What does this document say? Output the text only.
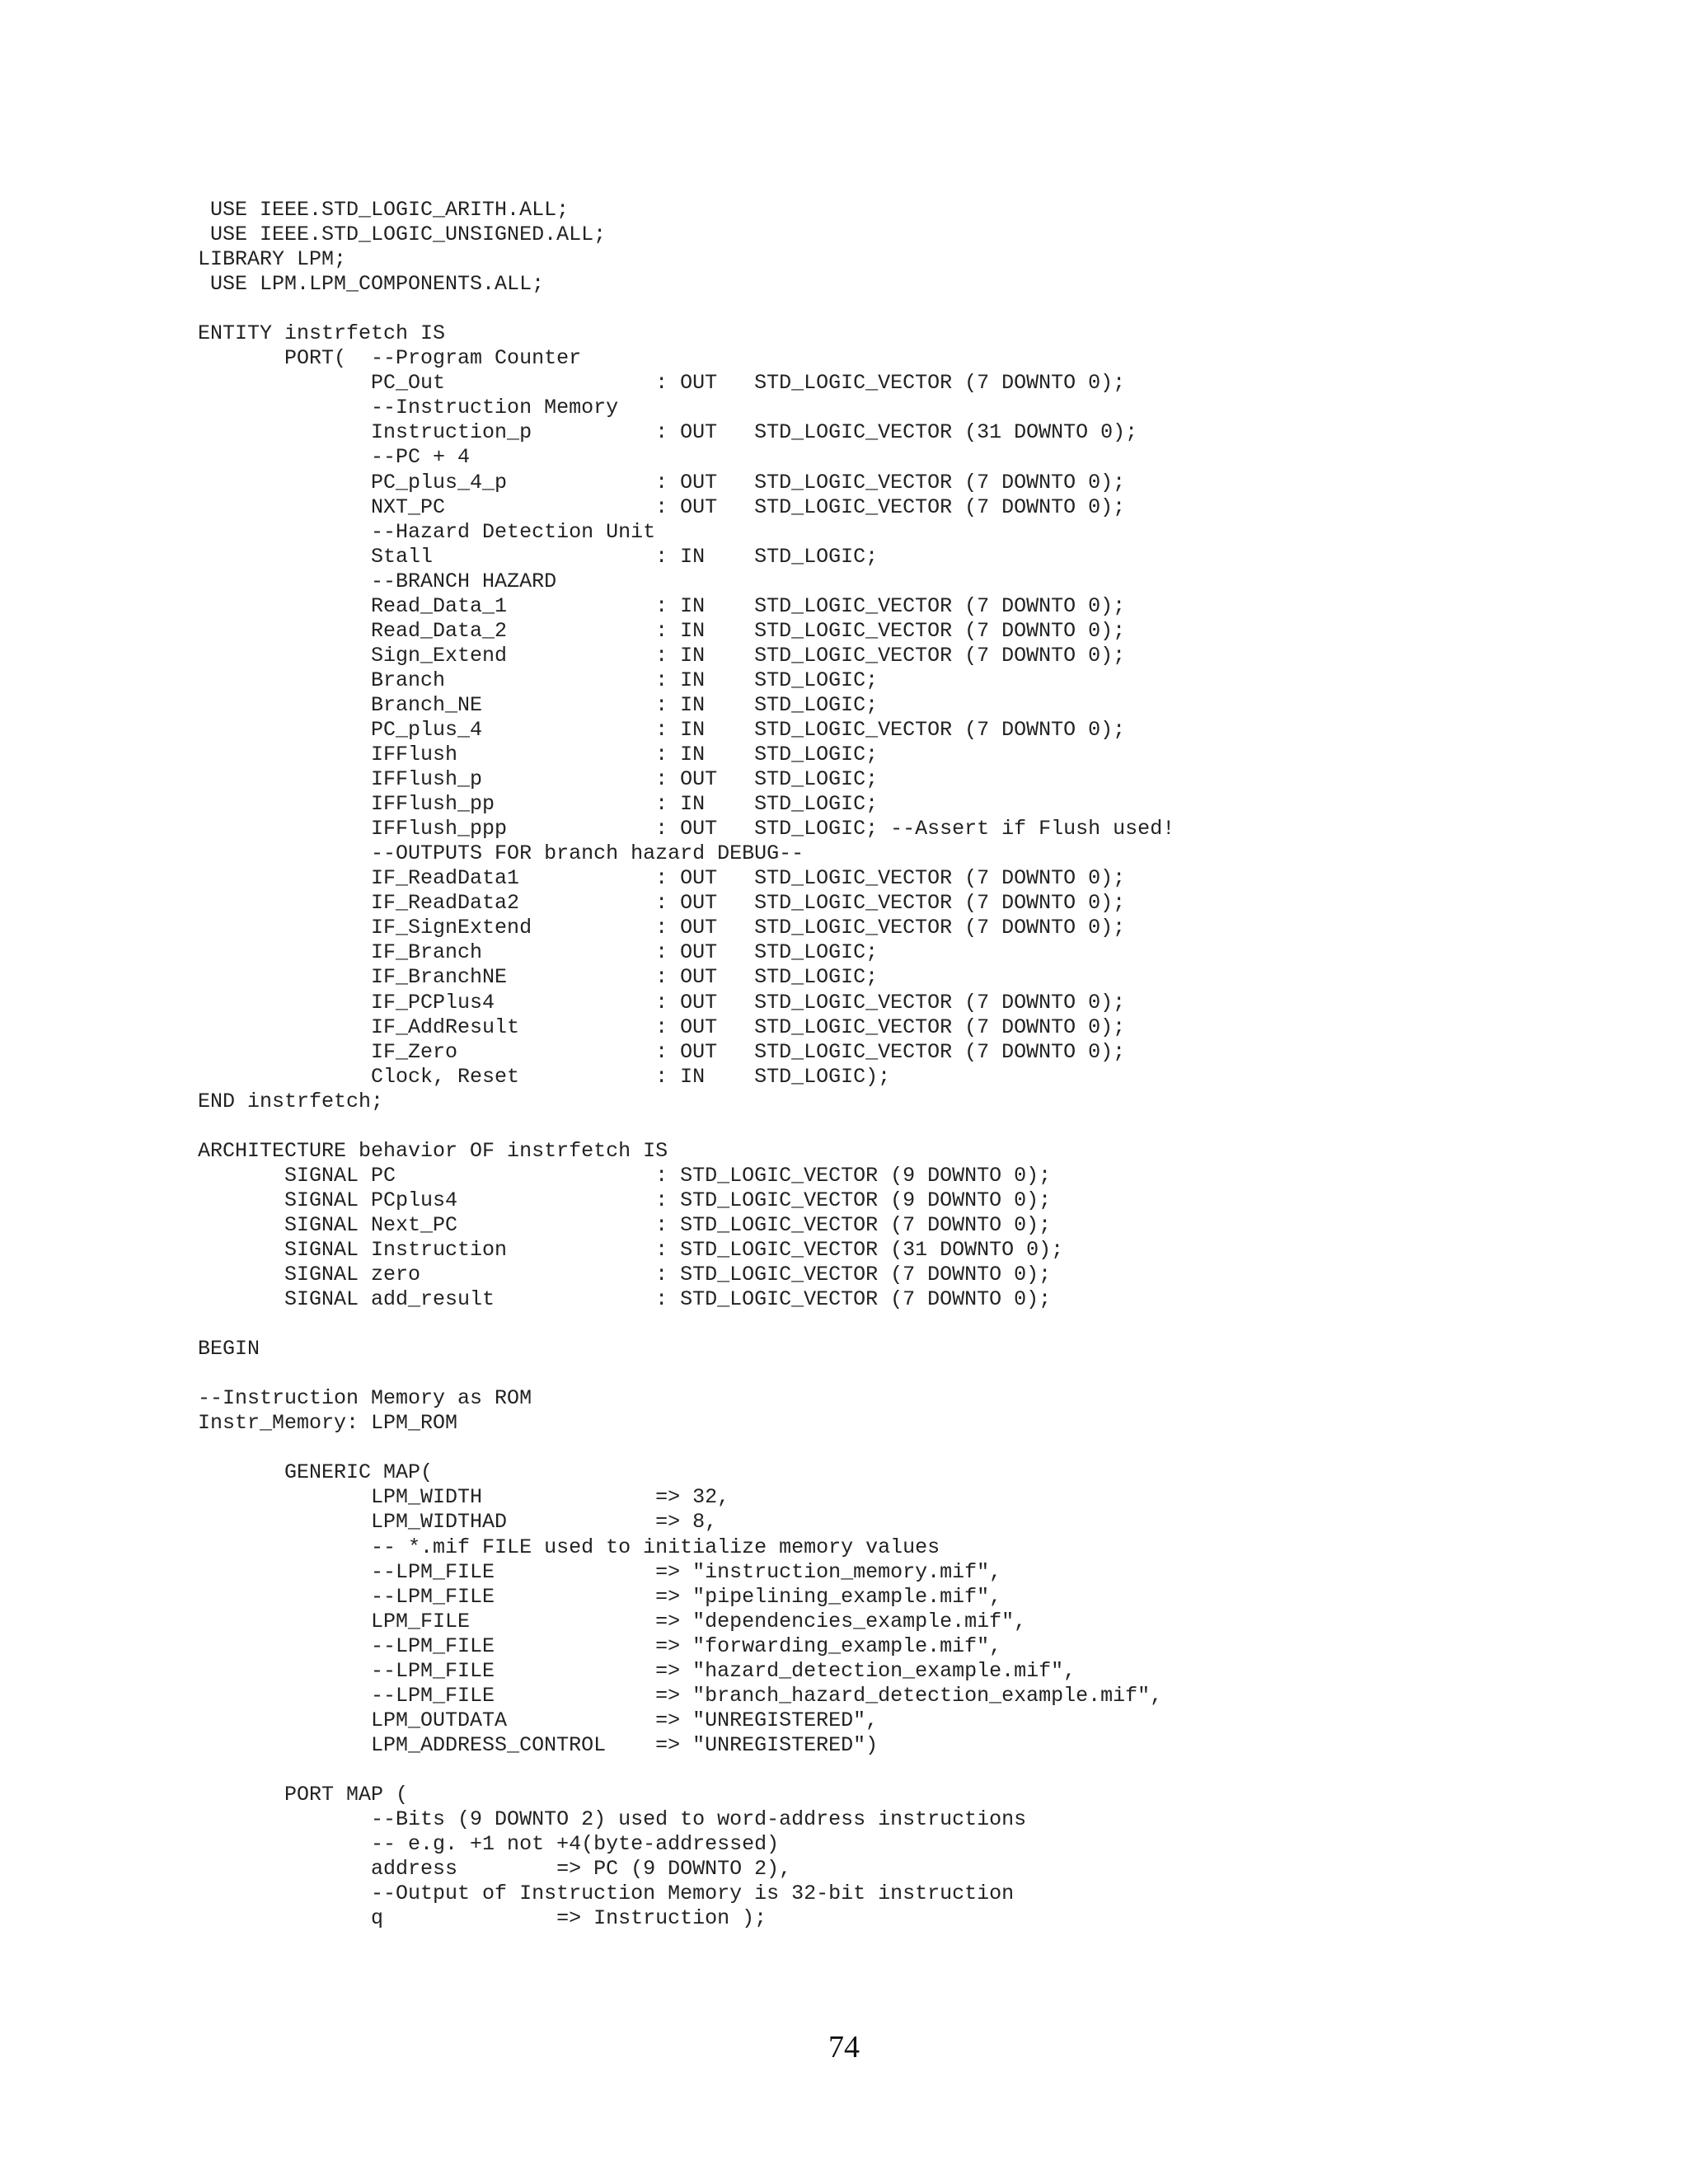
USE IEEE.STD_LOGIC_ARITH.ALL;
USE IEEE.STD_LOGIC_UNSIGNED.ALL;
LIBRARY LPM;
USE LPM.LPM_COMPONENTS.ALL;
ENTITY instrfetch IS
PORT(  --Program Counter
PC_Out                 : OUT   STD_LOGIC_VECTOR (7 DOWNTO 0);
--Instruction Memory
Instruction_p          : OUT   STD_LOGIC_VECTOR (31 DOWNTO 0);
--PC + 4
PC_plus_4_p            : OUT   STD_LOGIC_VECTOR (7 DOWNTO 0);
NXT_PC                 : OUT   STD_LOGIC_VECTOR (7 DOWNTO 0);
--Hazard Detection Unit
Stall                  : IN    STD_LOGIC;
--BRANCH HAZARD
Read_Data_1            : IN    STD_LOGIC_VECTOR (7 DOWNTO 0);
Read_Data_2            : IN    STD_LOGIC_VECTOR (7 DOWNTO 0);
Sign_Extend            : IN    STD_LOGIC_VECTOR (7 DOWNTO 0);
Branch                 : IN    STD_LOGIC;
Branch_NE              : IN    STD_LOGIC;
PC_plus_4              : IN    STD_LOGIC_VECTOR (7 DOWNTO 0);
IFFlush                : IN    STD_LOGIC;
IFFlush_p              : OUT   STD_LOGIC;
IFFlush_pp             : IN    STD_LOGIC;
IFFlush_ppp            : OUT   STD_LOGIC; --Assert if Flush used!
--OUTPUTS FOR branch hazard DEBUG--
IF_ReadData1           : OUT   STD_LOGIC_VECTOR (7 DOWNTO 0);
IF_ReadData2           : OUT   STD_LOGIC_VECTOR (7 DOWNTO 0);
IF_SignExtend          : OUT   STD_LOGIC_VECTOR (7 DOWNTO 0);
IF_Branch              : OUT   STD_LOGIC;
IF_BranchNE            : OUT   STD_LOGIC;
IF_PCPlus4             : OUT   STD_LOGIC_VECTOR (7 DOWNTO 0);
IF_AddResult           : OUT   STD_LOGIC_VECTOR (7 DOWNTO 0);
IF_Zero                : OUT   STD_LOGIC_VECTOR (7 DOWNTO 0);
Clock, Reset           : IN    STD_LOGIC);
END instrfetch;
ARCHITECTURE behavior OF instrfetch IS
SIGNAL PC                     : STD_LOGIC_VECTOR (9 DOWNTO 0);
SIGNAL PCplus4                : STD_LOGIC_VECTOR (9 DOWNTO 0);
SIGNAL Next_PC                : STD_LOGIC_VECTOR (7 DOWNTO 0);
SIGNAL Instruction            : STD_LOGIC_VECTOR (31 DOWNTO 0);
SIGNAL zero                   : STD_LOGIC_VECTOR (7 DOWNTO 0);
SIGNAL add_result             : STD_LOGIC_VECTOR (7 DOWNTO 0);
BEGIN
--Instruction Memory as ROM
Instr_Memory: LPM_ROM
GENERIC MAP(
LPM_WIDTH              => 32,
LPM_WIDTHAD            => 8,
-- *.mif FILE used to initialize memory values
--LPM_FILE             => "instruction_memory.mif",
--LPM_FILE             => "pipelining_example.mif",
LPM_FILE               => "dependencies_example.mif",
--LPM_FILE             => "forwarding_example.mif",
--LPM_FILE             => "hazard_detection_example.mif",
--LPM_FILE             => "branch_hazard_detection_example.mif",
LPM_OUTDATA            => "UNREGISTERED",
LPM_ADDRESS_CONTROL    => "UNREGISTERED")
PORT MAP (
--Bits (9 DOWNTO 2) used to word-address instructions
-- e.g. +1 not +4(byte-addressed)
address        => PC (9 DOWNTO 2),
--Output of Instruction Memory is 32-bit instruction
q              => Instruction );
74
